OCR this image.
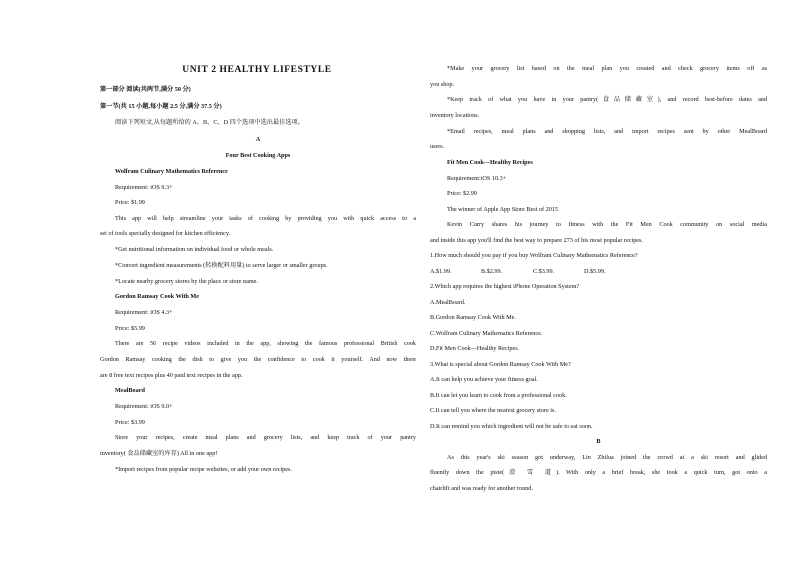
UNIT 2 HEALTHY LIFESTYLE
第一部分 阅读(共两节,满分 50 分)
第一节(共 15 小题,每小题 2.5 分,满分 37.5 分)
阅读下列短文,从每题所给的 A、B、C、D 四个选项中选出最佳选项。
A
Four Best Cooking Apps
Wolfram Culinary Mathematics Reference
Requirement: iOS 9.3+
Price: $1.99
This app will help streamline your tasks of cooking by providing you with quick access to a
set of tools specially designed for kitchen efficiency.
*Get nutritional information on individual food or whole meals.
*Convert ingredient measurements (转换配料用量) to serve larger or smaller groups.
*Locate nearby grocery stores by the place or store name.
Gordon Ramsay Cook With Me
Requirement: iOS 4.3+
Price: $5.99
There are 56 recipe videos included in the app, showing the famous professional British cook
Gordon Ramsay cooking the dish to give you the confidence to cook it yourself. And now there
are 8 free text recipes plus 40 paid text recipes in the app.
MealBoard
Requirement: iOS 9.0+
Price: $3.99
Store your recipes, create meal plans and grocery lists, and keep track of your pantry
inventory( 食品储藏室的库存) All in one app!
*Import recipes from popular recipe websites, or add your own recipes.
*Make your grocery list based on the meal plan you created and check grocery items off as
you shop.
*Keep track of what you have in your pantry(食品储藏室), and record best-before dates and
inventory locations.
*Email recipes, meal plans and shopping lists, and import recipes sent by other MealBoard
users.
Fit Men Cook—Healthy Recipes
Requirement:iOS 10.3+
Price: $2.99
The winner of Apple App Store Best of 2015
Kevin Curry shares his journey to fitness with the Fit Men Cook community on social media
and inside this app you'll find the best way to prepare 273 of his most popular recipes.
1.How much should you pay if you buy Wolfram Culinary Mathematics Reference?
A.$1.99.	B.$2.99.	C.$3.99.	D.$5.99.
2.Which app requires the highest iPhone Operation System?
A.MealBoard.
B.Gordon Ramsay Cook With Me.
C.Wolfram Culinary Mathematics Reference.
D.Fit Men Cook—Healthy Recipes.
3.What is special about Gordon Ramsay Cook With Me?
A.It can help you achieve your fitness goal.
B.It can let you learn to cook from a professional cook.
C.It can tell you where the nearest grocery store is.
D.It can remind you which ingredient will not be safe to eat soon.
B
As this year's ski season got underway, Lin Zhilua joined the crowd at a ski resort and glided
fluently down the piste(滑 雪 道). With only a brief break, she took a quick turn, got onto a
chairlift and was ready for another round.
